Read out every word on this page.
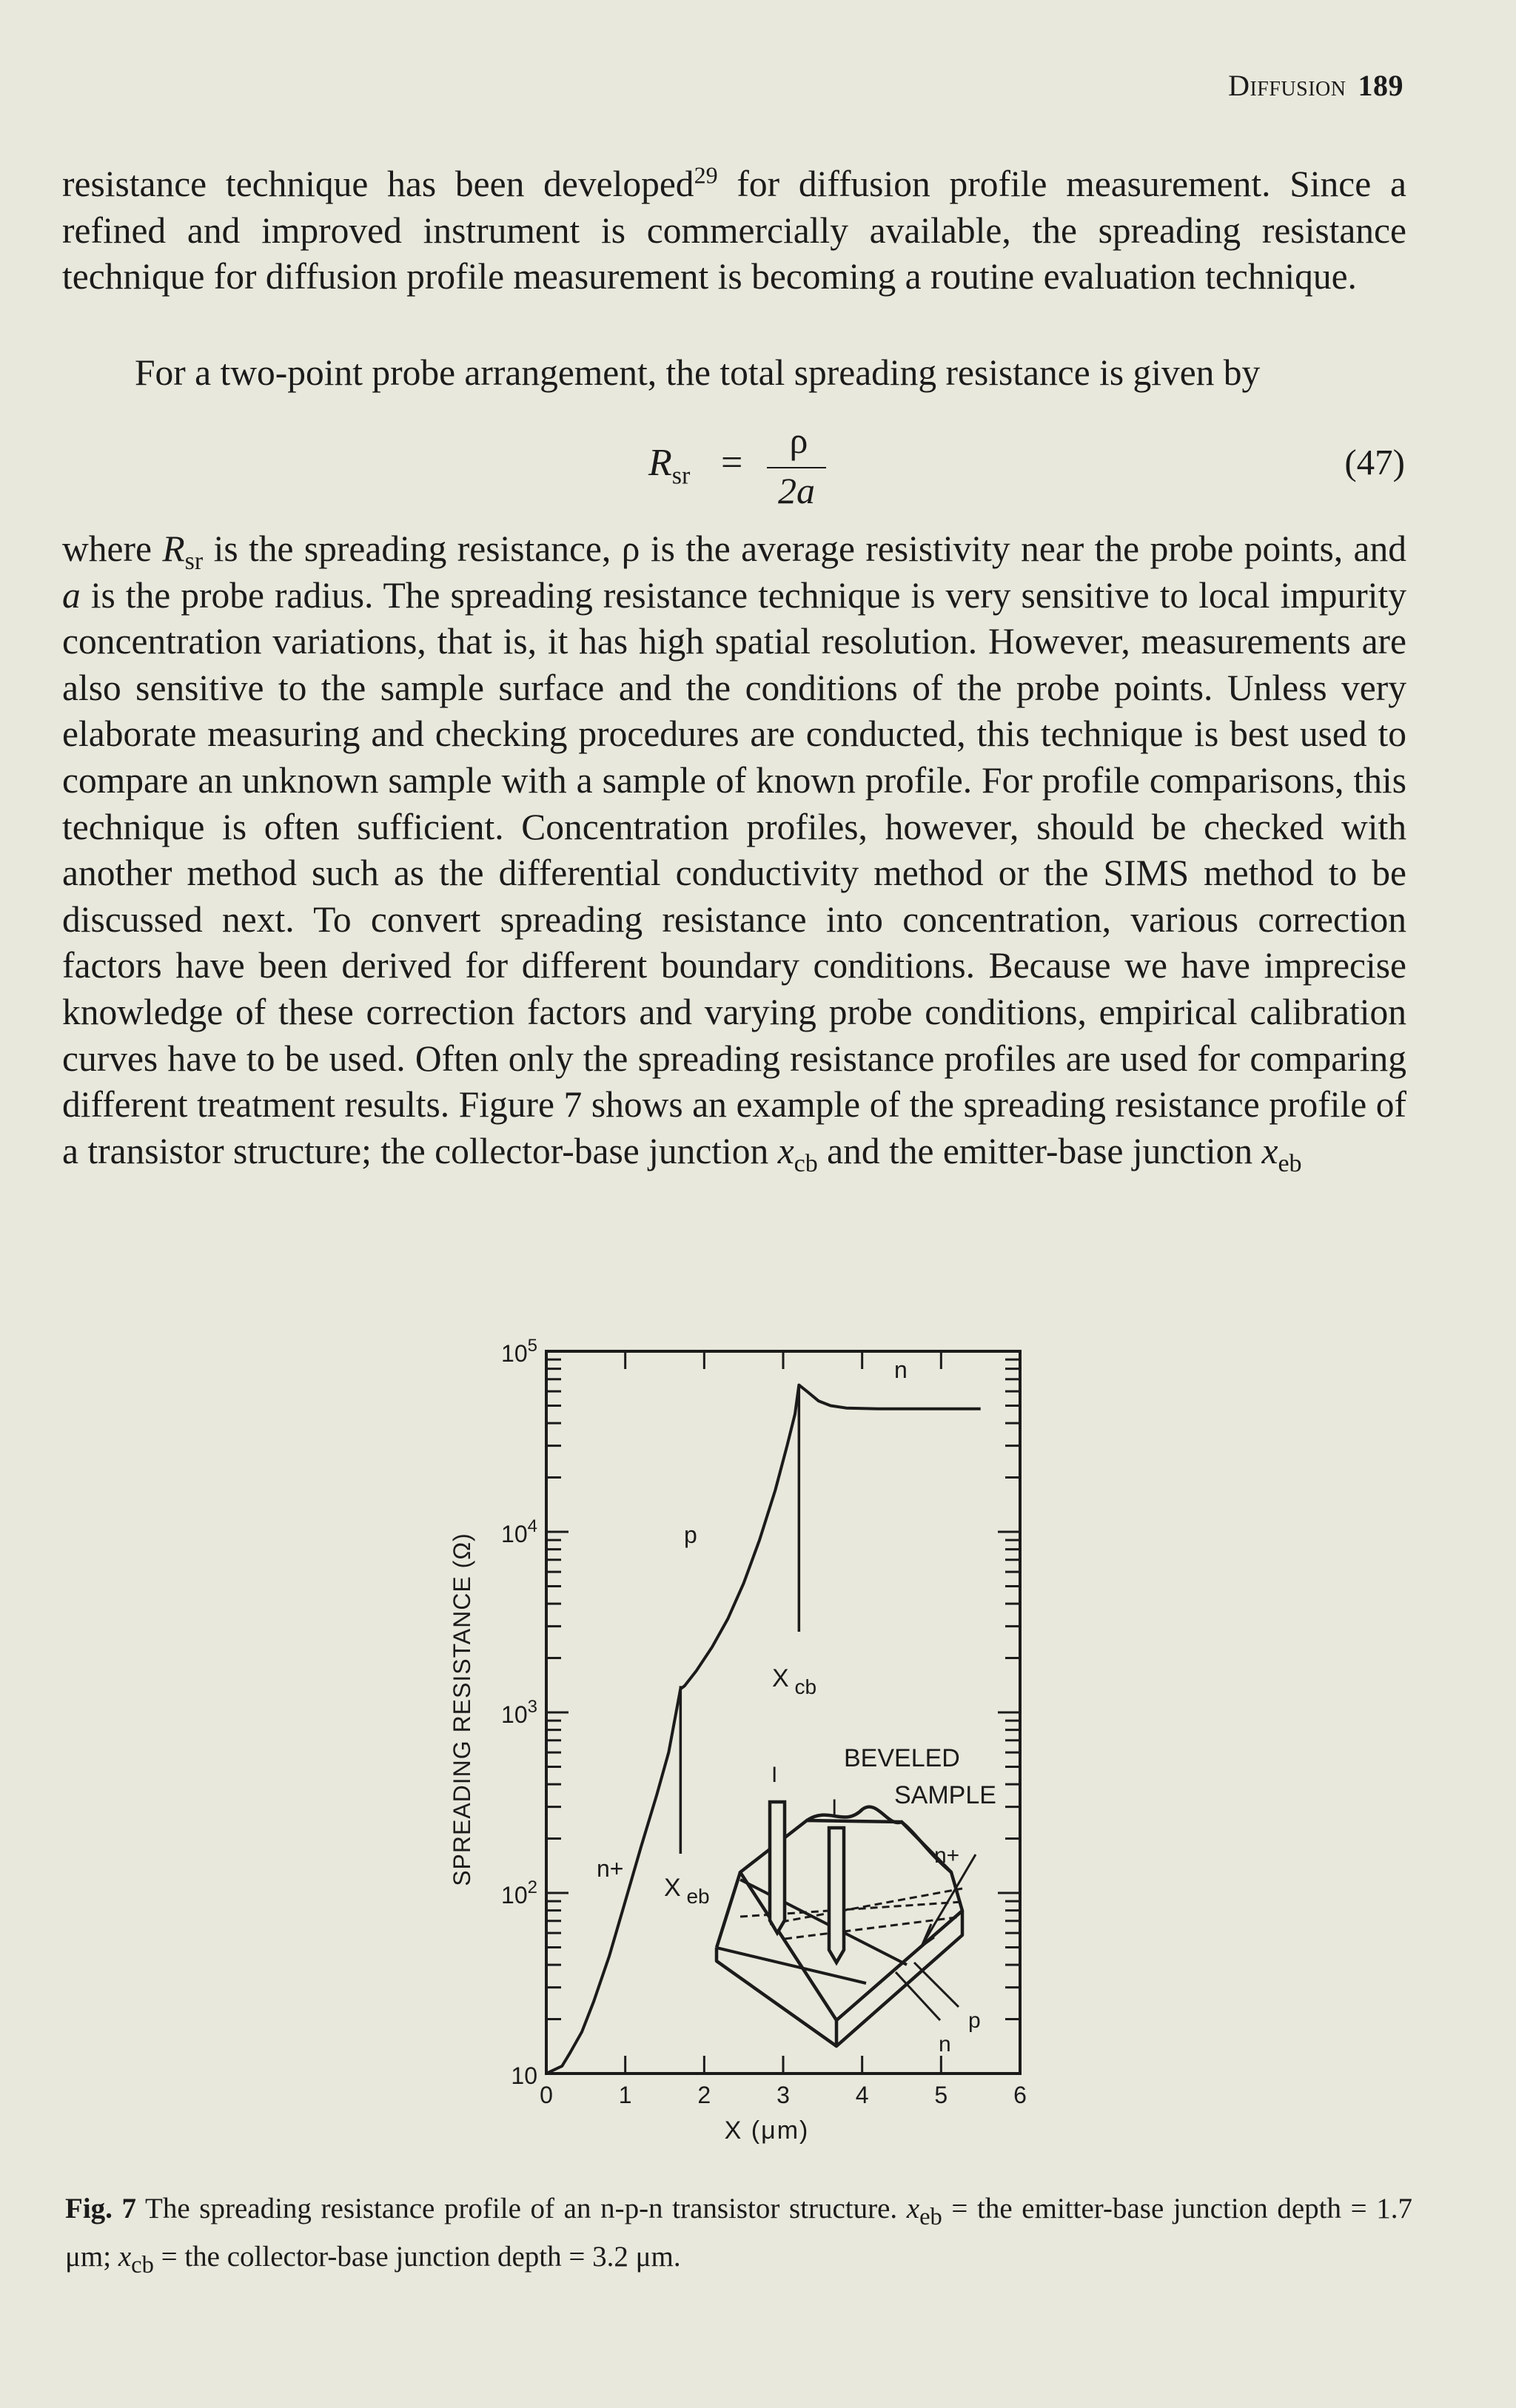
Diffusion 189

resistance technique has been developed$^{29}$ for diffusion profile measurement. Since a refined and improved instrument is commercially available, the spreading resistance technique for diffusion profile measurement is becoming a routine evaluation technique.

For a two-point probe arrangement, the total spreading resistance is given by

$R_{sr}$ =
ρ
2a
(47)

where $R_{sr}$ is the spreading resistance, ρ is the average resistivity near the probe points, and a is the probe radius. The spreading resistance technique is very sensitive to local impurity concentration variations, that is, it has high spatial resolution. However, measurements are also sensitive to the sample surface and the conditions of the probe points. Unless very elaborate measuring and checking procedures are conducted, this technique is best used to compare an unknown sample with a sample of known profile. For profile comparisons, this technique is often sufficient. Concentration profiles, however, should be checked with another method such as the differential conductivity method or the SIMS method to be discussed next. To convert spreading resistance into concentration, various correction factors have been derived for different boundary conditions. Because we have imprecise knowledge of these correction factors and varying probe conditions, empirical calibration curves have to be used. Often only the spreading resistance profiles are used for comparing different treatment results. Figure 7 shows an example of the spreading resistance profile of a transistor structure; the collector-base junction $x_{cb}$ and the emitter-base junction $x_{eb}$

$10^5$
$10^4$
$10^3$
$10^2$
10
0	1	2	3	4	5	6
X $_{eb}$
X $_{cb}$
n+
p
n
BEVELED
SAMPLE
I
I
n+
p
n
X (μm)
SPREADING RESISTANCE (Ω)

Fig. 7 The spreading resistance profile of an n-p-n transistor structure. $x_{eb}$ = the emitter-base junction depth = 1.7 μm; $x_{cb}$ = the collector-base junction depth = 3.2 μm.
